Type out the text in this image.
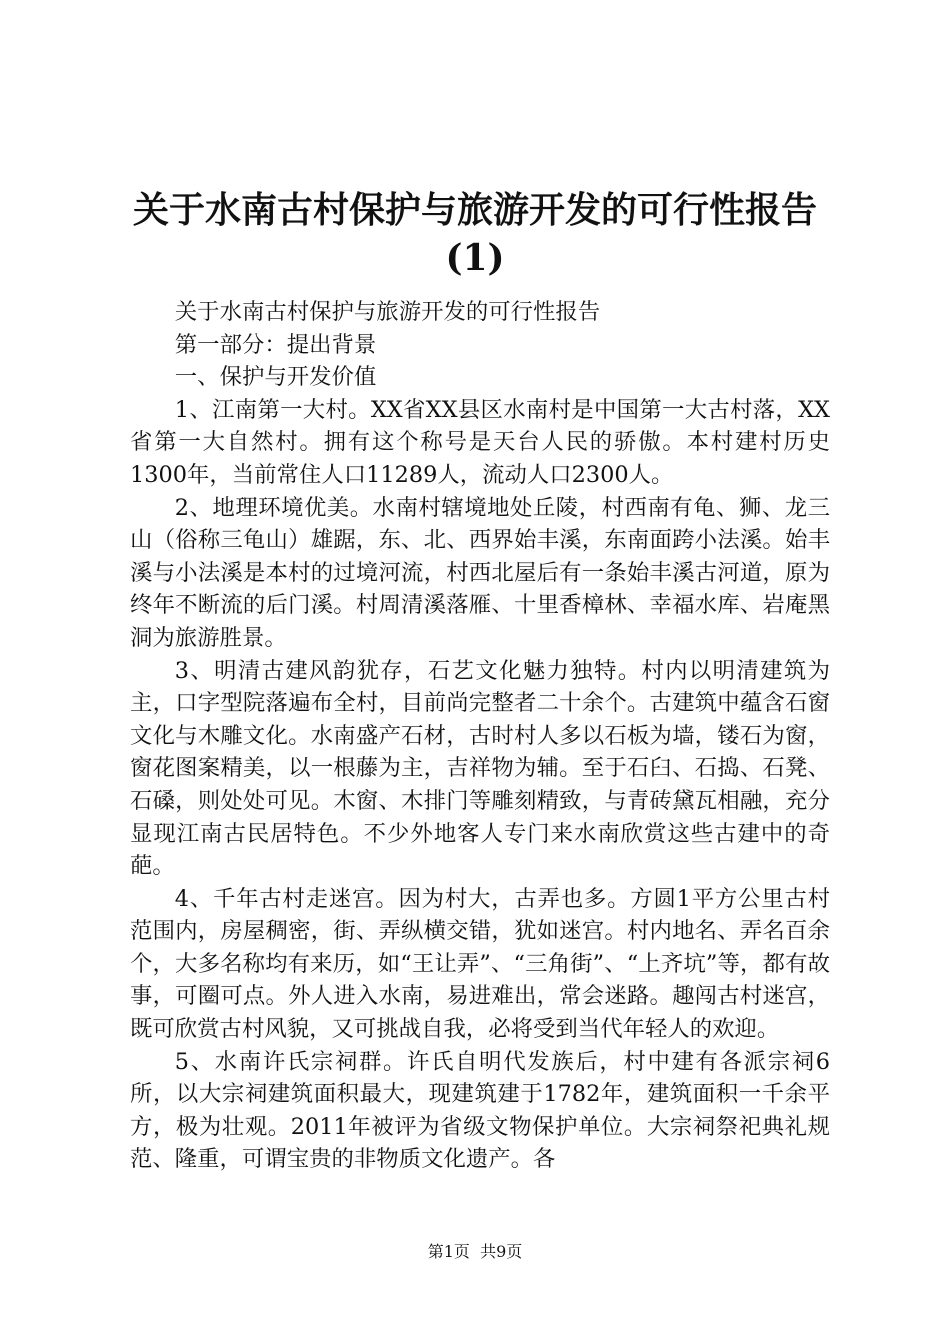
关于水南古村保护与旅游开发的可行性报告
(1)

关于水南古村保护与旅游开发的可行性报告

第一部分：提出背景

一、保护与开发价值

1、江南第一大村。XX省XX县区水南村是中国第一大古村落，XX省第一大自然村。拥有这个称号是天台人民的骄傲。本村建村历史1300年，当前常住人口11289人，流动人口2300人。

2、地理环境优美。水南村辖境地处丘陵，村西南有龟、狮、龙三山（俗称三龟山）雄踞，东、北、西界始丰溪，东南面跨小法溪。始丰溪与小法溪是本村的过境河流，村西北屋后有一条始丰溪古河道，原为终年不断流的后门溪。村周清溪落雁、十里香樟林、幸福水库、岩庵黑洞为旅游胜景。

3、明清古建风韵犹存，石艺文化魅力独特。村内以明清建筑为主，口字型院落遍布全村，目前尚完整者二十余个。古建筑中蕴含石窗文化与木雕文化。水南盛产石材，古时村人多以石板为墙，镂石为窗，窗花图案精美，以一根藤为主，吉祥物为辅。至于石臼、石捣、石凳、石磉，则处处可见。木窗、木排门等雕刻精致，与青砖黛瓦相融，充分显现江南古民居特色。不少外地客人专门来水南欣赏这些古建中的奇葩。

4、千年古村走迷宫。因为村大，古弄也多。方圆1平方公里古村范围内，房屋稠密，街、弄纵横交错，犹如迷宫。村内地名、弄名百余个，大多名称均有来历，如“王让弄”、“三角街”、“上齐坑”等，都有故事，可圈可点。外人进入水南，易进难出，常会迷路。趣闯古村迷宫，既可欣赏古村风貌，又可挑战自我，必将受到当代年轻人的欢迎。

5、水南许氏宗祠群。许氏自明代发族后，村中建有各派宗祠6所，以大宗祠建筑面积最大，现建筑建于1782年，建筑面积一千余平方，极为壮观。2011年被评为省级文物保护单位。大宗祠祭祀典礼规范、隆重，可谓宝贵的非物质文化遗产。各

第1页  共9页
